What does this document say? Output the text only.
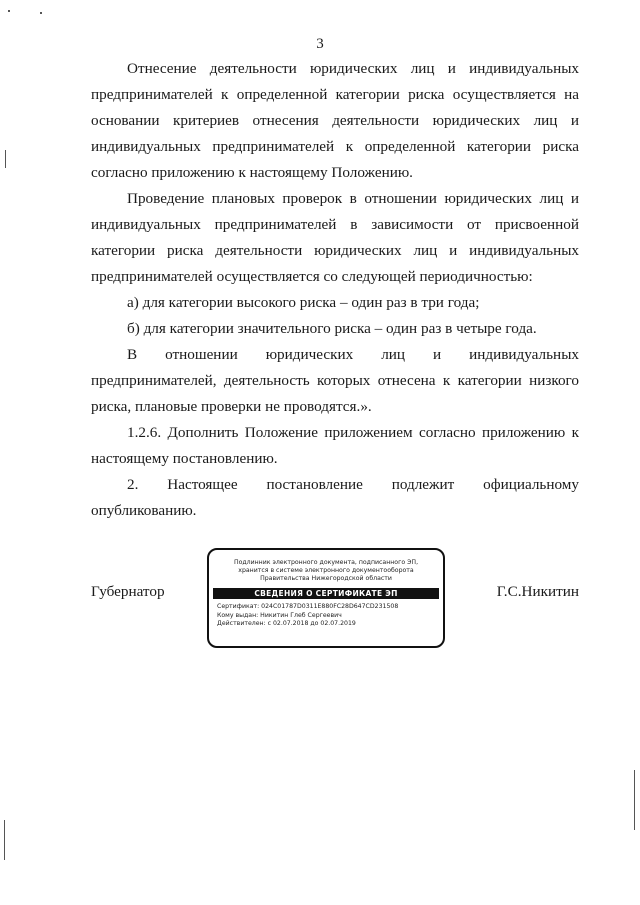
3

Отнесение деятельности юридических лиц и индивидуальных предпринимателей к определенной категории риска осуществляется на основании критериев отнесения деятельности юридических лиц и индивидуальных предпринимателей к определенной категории риска согласно приложению к настоящему Положению.

Проведение плановых проверок в отношении юридических лиц и индивидуальных предпринимателей в зависимости от присвоенной категории риска деятельности юридических лиц и индивидуальных предпринимателей осуществляется со следующей периодичностью:

а) для категории высокого риска – один раз в три года;

б) для категории значительного риска – один раз в четыре года.

В отношении юридических лиц и индивидуальных предпринимателей, деятельность которых отнесена к категории низкого риска, плановые проверки не проводятся.».

1.2.6. Дополнить Положение приложением согласно приложению к настоящему постановлению.

2. Настоящее постановление подлежит официальному опубликованию.

Губернатор	Г.С.Никитин
Подлинник электронного документа, подписанного ЭП,
хранится в системе электронного документооборота
Правительства Нижегородской области
СВЕДЕНИЯ О СЕРТИФИКАТЕ ЭП
Сертификат: 024C01787D0311E880FC28D647CD231508
Кому выдан: Никитин Глеб Сергеевич
Действителен: с 02.07.2018 до 02.07.2019
